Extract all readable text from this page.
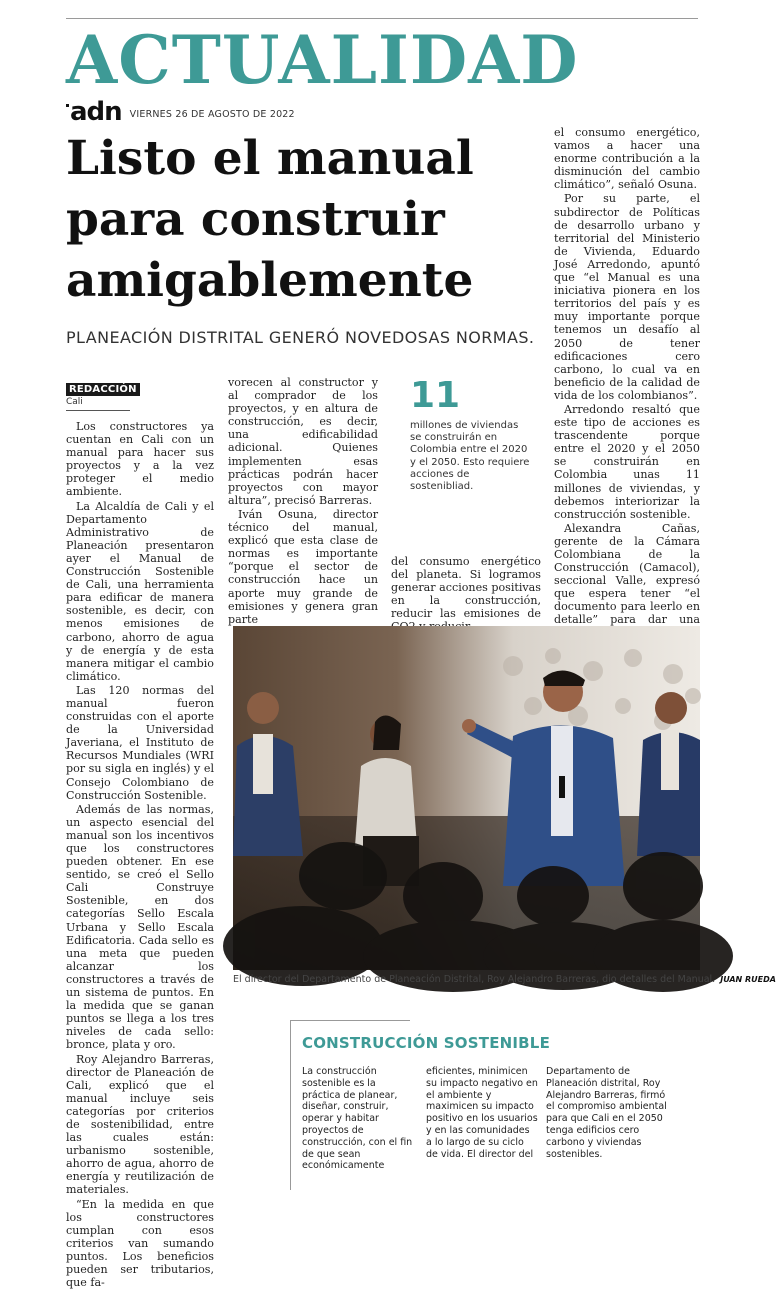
ACTUALIDAD
adn VIERNES 26 DE AGOSTO DE 2022
Listo el manual para construir amigablemente
PLANEACIÓN DISTRITAL GENERÓ NOVEDOSAS NORMAS.
REDACCIÓN
Cali

Los constructores ya cuentan en Cali con un manual para hacer sus proyectos y a la vez proteger el medio ambiente.

La Alcaldía de Cali y el Departamento Administrativo de Planeación presentaron ayer el Manual de Construcción Sostenible de Cali, una herramienta para edificar de manera sostenible, es decir, con menos emisiones de carbono, ahorro de agua y de energía y de esta manera mitigar el cambio climático.

Las 120 normas del manual fueron construidas con el aporte de la Universidad Javeriana, el Instituto de Recursos Mundiales (WRI por su sigla en inglés) y el Consejo Colombiano de Construcción Sostenible.

Además de las normas, un aspecto esencial del manual son los incentivos que los constructores pueden obtener. En ese sentido, se creó el Sello Cali Construye Sostenible, en dos categorías Sello Escala Urbana y Sello Escala Edificatoria. Cada sello es una meta que pueden alcanzar los constructores a través de un sistema de puntos. En la medida que se ganan puntos se llega a los tres niveles de cada sello: bronce, plata y oro.

Roy Alejandro Barreras, director de Planeación de Cali, explicó que el manual incluye seis categorías por criterios de sostenibilidad, entre las cuales están: urbanismo sostenible, ahorro de agua, ahorro de energía y reutilización de materiales.

“En la medida en que los constructores cumplan con esos criterios van sumando puntos. Los beneficios pueden ser tributarios, que fa-

vorecen al constructor y al comprador de los proyectos, y en altura de construcción, es decir, una edificabilidad adicional. Quienes implementen esas prácticas podrán hacer proyectos con mayor altura”, precisó Barreras.

Iván Osuna, director técnico del manual, explicó que esta clase de normas es importante “porque el sector de construcción hace un aporte muy grande de emisiones y genera gran parte

11
millones de viviendas se construirán en Colombia entre el 2020 y el 2050. Esto requiere acciones de sostenibliad.

del consumo energético del planeta. Si logramos generar acciones positivas en la construcción, reducir las emisiones de

el consumo energético, vamos a hacer una enorme contribución a la disminución del cambio climático”, señaló Osuna.

Por su parte, el subdirector de Políticas de desarrollo urbano y territorial del Ministerio de Vivienda, Eduardo José Arredondo, apuntó que “el Manual es una iniciativa pionera en los territorios del país y es muy importante porque tenemos un desafío al 2050 de tener edificaciones cero carbono, lo cual va en beneficio de la calidad de vida de los colombianos”.

Arredondo resaltó que este tipo de acciones es trascendente porque entre el 2020 y el 2050 se construirán en Colombia unas 11 millones de viviendas, y debemos interiorizar la construcción sostenible.

Alexandra Cañas, gerente de la Cámara Colombiana de la Construcción (Camacol), seccional Valle, expresó que espera tener “el documento para leerlo en detalle” para dar una

El director del Departamento de Planeación Distrital, Roy Alejandro Barreras, dio detalles del Manual. JUAN RUEDA
CONSTRUCCIÓN SOSTENIBLE
La construcción sostenible es la práctica de planear, diseñar, construir, operar y habitar proyectos de construcción, con el fin de que sean económicamente
eficientes, minimicen su impacto negativo en el ambiente y maximicen su impacto positivo en los usuarios y en las comunidades a lo largo de su ciclo de vida. El director del
Departamento de Planeación distrital, Roy Alejandro Barreras, firmó el compromiso ambiental para que Cali en el 2050 tenga edificios cero carbono y viviendas sostenibles.
